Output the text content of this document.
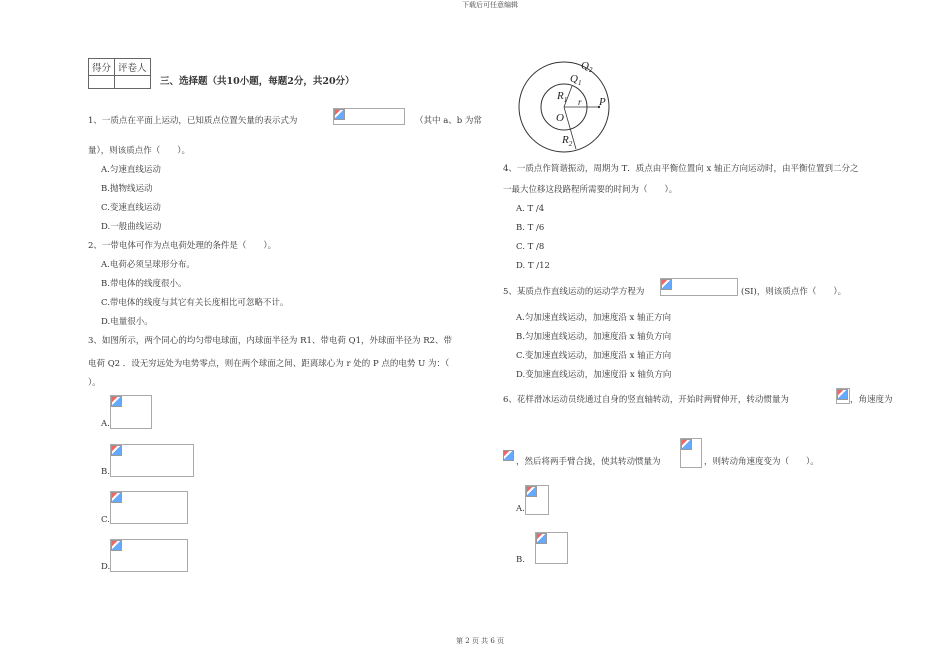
下载后可任意编辑
得分	评卷人

三、选择题（共10小题，每题2分，共20分）
1、一质点在平面上运动，已知质点位置矢量的表示式为	（其中 a、b 为常
量），则该质点作（　　）。
A.匀速直线运动
B.抛物线运动
C.变速直线运动
D.一般曲线运动
2、一带电体可作为点电荷处理的条件是（　　）。
A.电荷必须呈球形分布。
B.带电体的线度很小。
C.带电体的线度与其它有关长度相比可忽略不计。
D.电量很小。
3、如图所示，两个同心的均匀带电球面，内球面半径为 R1、带电荷 Q1，外球面半径为 R2、带
电荷 Q2 ．设无穷远处为电势零点，则在两个球面之间、距离球心为 r 处的 P 点的电势 U 为：（
）。
A.
B.
C.
D.
$Q_2$
$Q_1$
$R_1$ r P
O
$R_2$
4、一质点作简谐振动，周期为 T．质点由平衡位置向 x 轴正方向运动时，由平衡位置到二分之
一最大位移这段路程所需要的时间为（　　）。
A. T /4
B. T /6
C. T /8
D. T /12
5、某质点作直线运动的运动学方程为	(SI)，则该质点作（　　）。
A.匀加速直线运动，加速度沿 x 轴正方向
B.匀加速直线运动，加速度沿 x 轴负方向
C.变加速直线运动，加速度沿 x 轴正方向
D.变加速直线运动，加速度沿 x 轴负方向
6、花样滑冰运动员绕通过自身的竖直轴转动，开始时两臂伸开，转动惯量为	，角速度为
，然后将两手臂合拢，使其转动惯量为	，则转动角速度变为（　　）。
A.
B.
第 2 页 共 6 页
